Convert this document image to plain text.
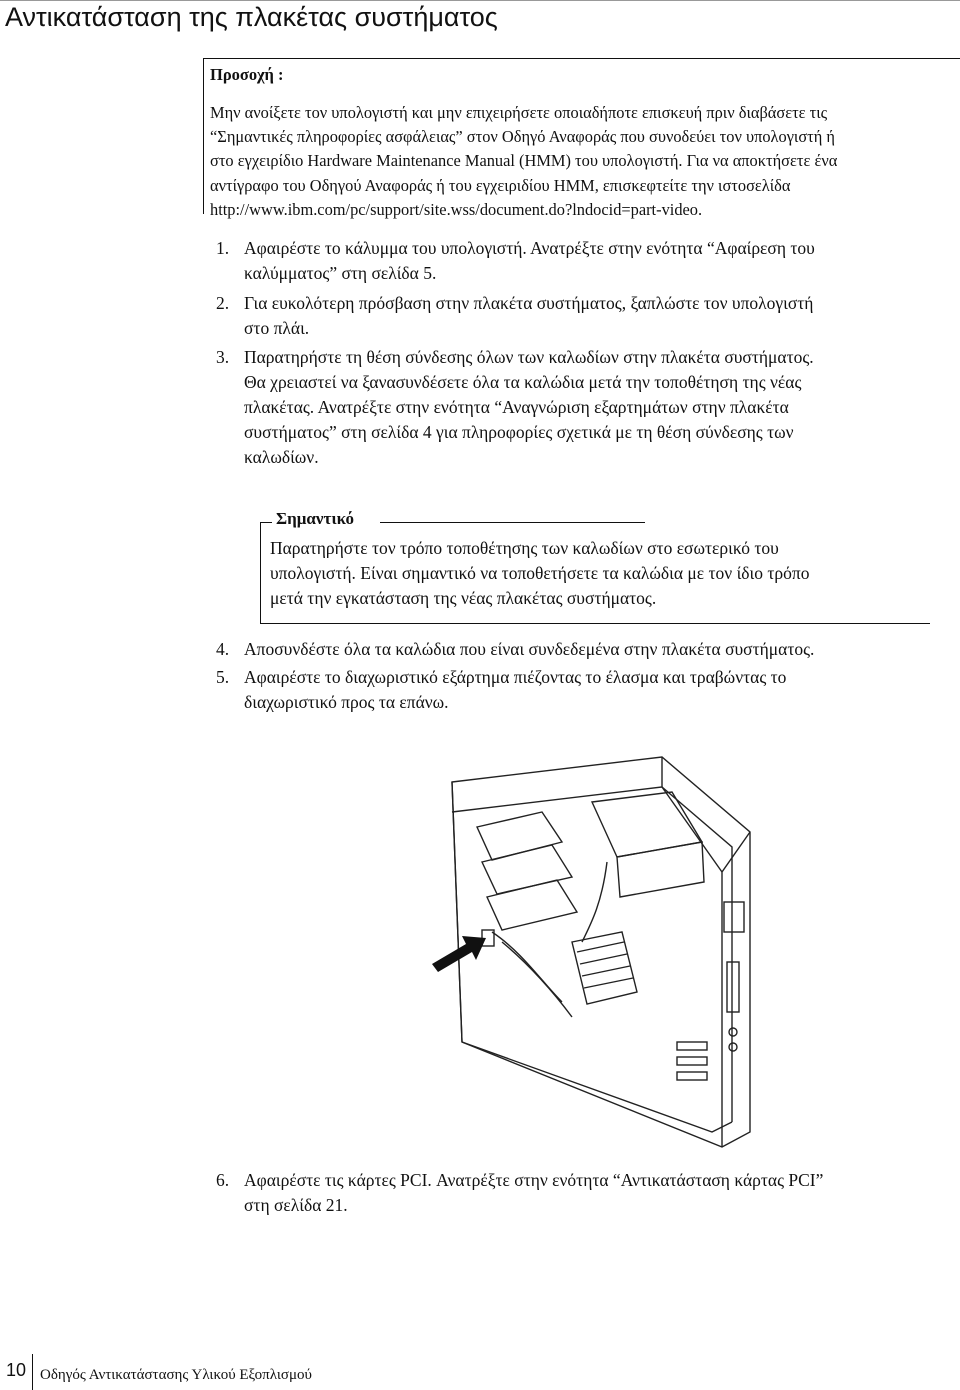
Αντικατάσταση της πλακέτας συστήματος
Προσοχή :
Μην ανοίξετε τον υπολογιστή και μην επιχειρήσετε οποιαδήποτε επισκευή πριν διαβάσετε τις
“Σημαντικές πληροφορίες ασφάλειας” στον Οδηγό Αναφοράς που συνοδεύει τον υπολογιστή ή
στο εγχειρίδιο Hardware Maintenance Manual (HMM) του υπολογιστή. Για να αποκτήσετε ένα
αντίγραφο του Οδηγού Αναφοράς ή του εγχειριδίου HMM, επισκεφτείτε την ιστοσελίδα
http://www.ibm.com/pc/support/site.wss/document.do?lndocid=part-video.
1. Αφαιρέστε το κάλυμμα του υπολογιστή. Ανατρέξτε στην ενότητα “Αφαίρεση του
καλύμματος” στη σελίδα 5.
2. Για ευκολότερη πρόσβαση στην πλακέτα συστήματος, ξαπλώστε τον υπολογιστή
στο πλάι.
3. Παρατηρήστε τη θέση σύνδεσης όλων των καλωδίων στην πλακέτα συστήματος.
Θα χρειαστεί να ξανασυνδέσετε όλα τα καλώδια μετά την τοποθέτηση της νέας
πλακέτας. Ανατρέξτε στην ενότητα “Αναγνώριση εξαρτημάτων στην πλακέτα
συστήματος” στη σελίδα 4 για πληροφορίες σχετικά με τη θέση σύνδεσης των
καλωδίων.
Σημαντικό
Παρατηρήστε τον τρόπο τοποθέτησης των καλωδίων στο εσωτερικό του
υπολογιστή. Είναι σημαντικό να τοποθετήσετε τα καλώδια με τον ίδιο τρόπο
μετά την εγκατάσταση της νέας πλακέτας συστήματος.
4. Αποσυνδέστε όλα τα καλώδια που είναι συνδεδεμένα στην πλακέτα συστήματος.
5. Αφαιρέστε το διαχωριστικό εξάρτημα πιέζοντας το έλασμα και τραβώντας το
διαχωριστικό προς τα επάνω.
6. Αφαιρέστε τις κάρτες PCI. Ανατρέξτε στην ενότητα “Αντικατάσταση κάρτας PCI”
στη σελίδα 21.
10 Οδηγός Αντικατάστασης Υλικού Εξοπλισμού
